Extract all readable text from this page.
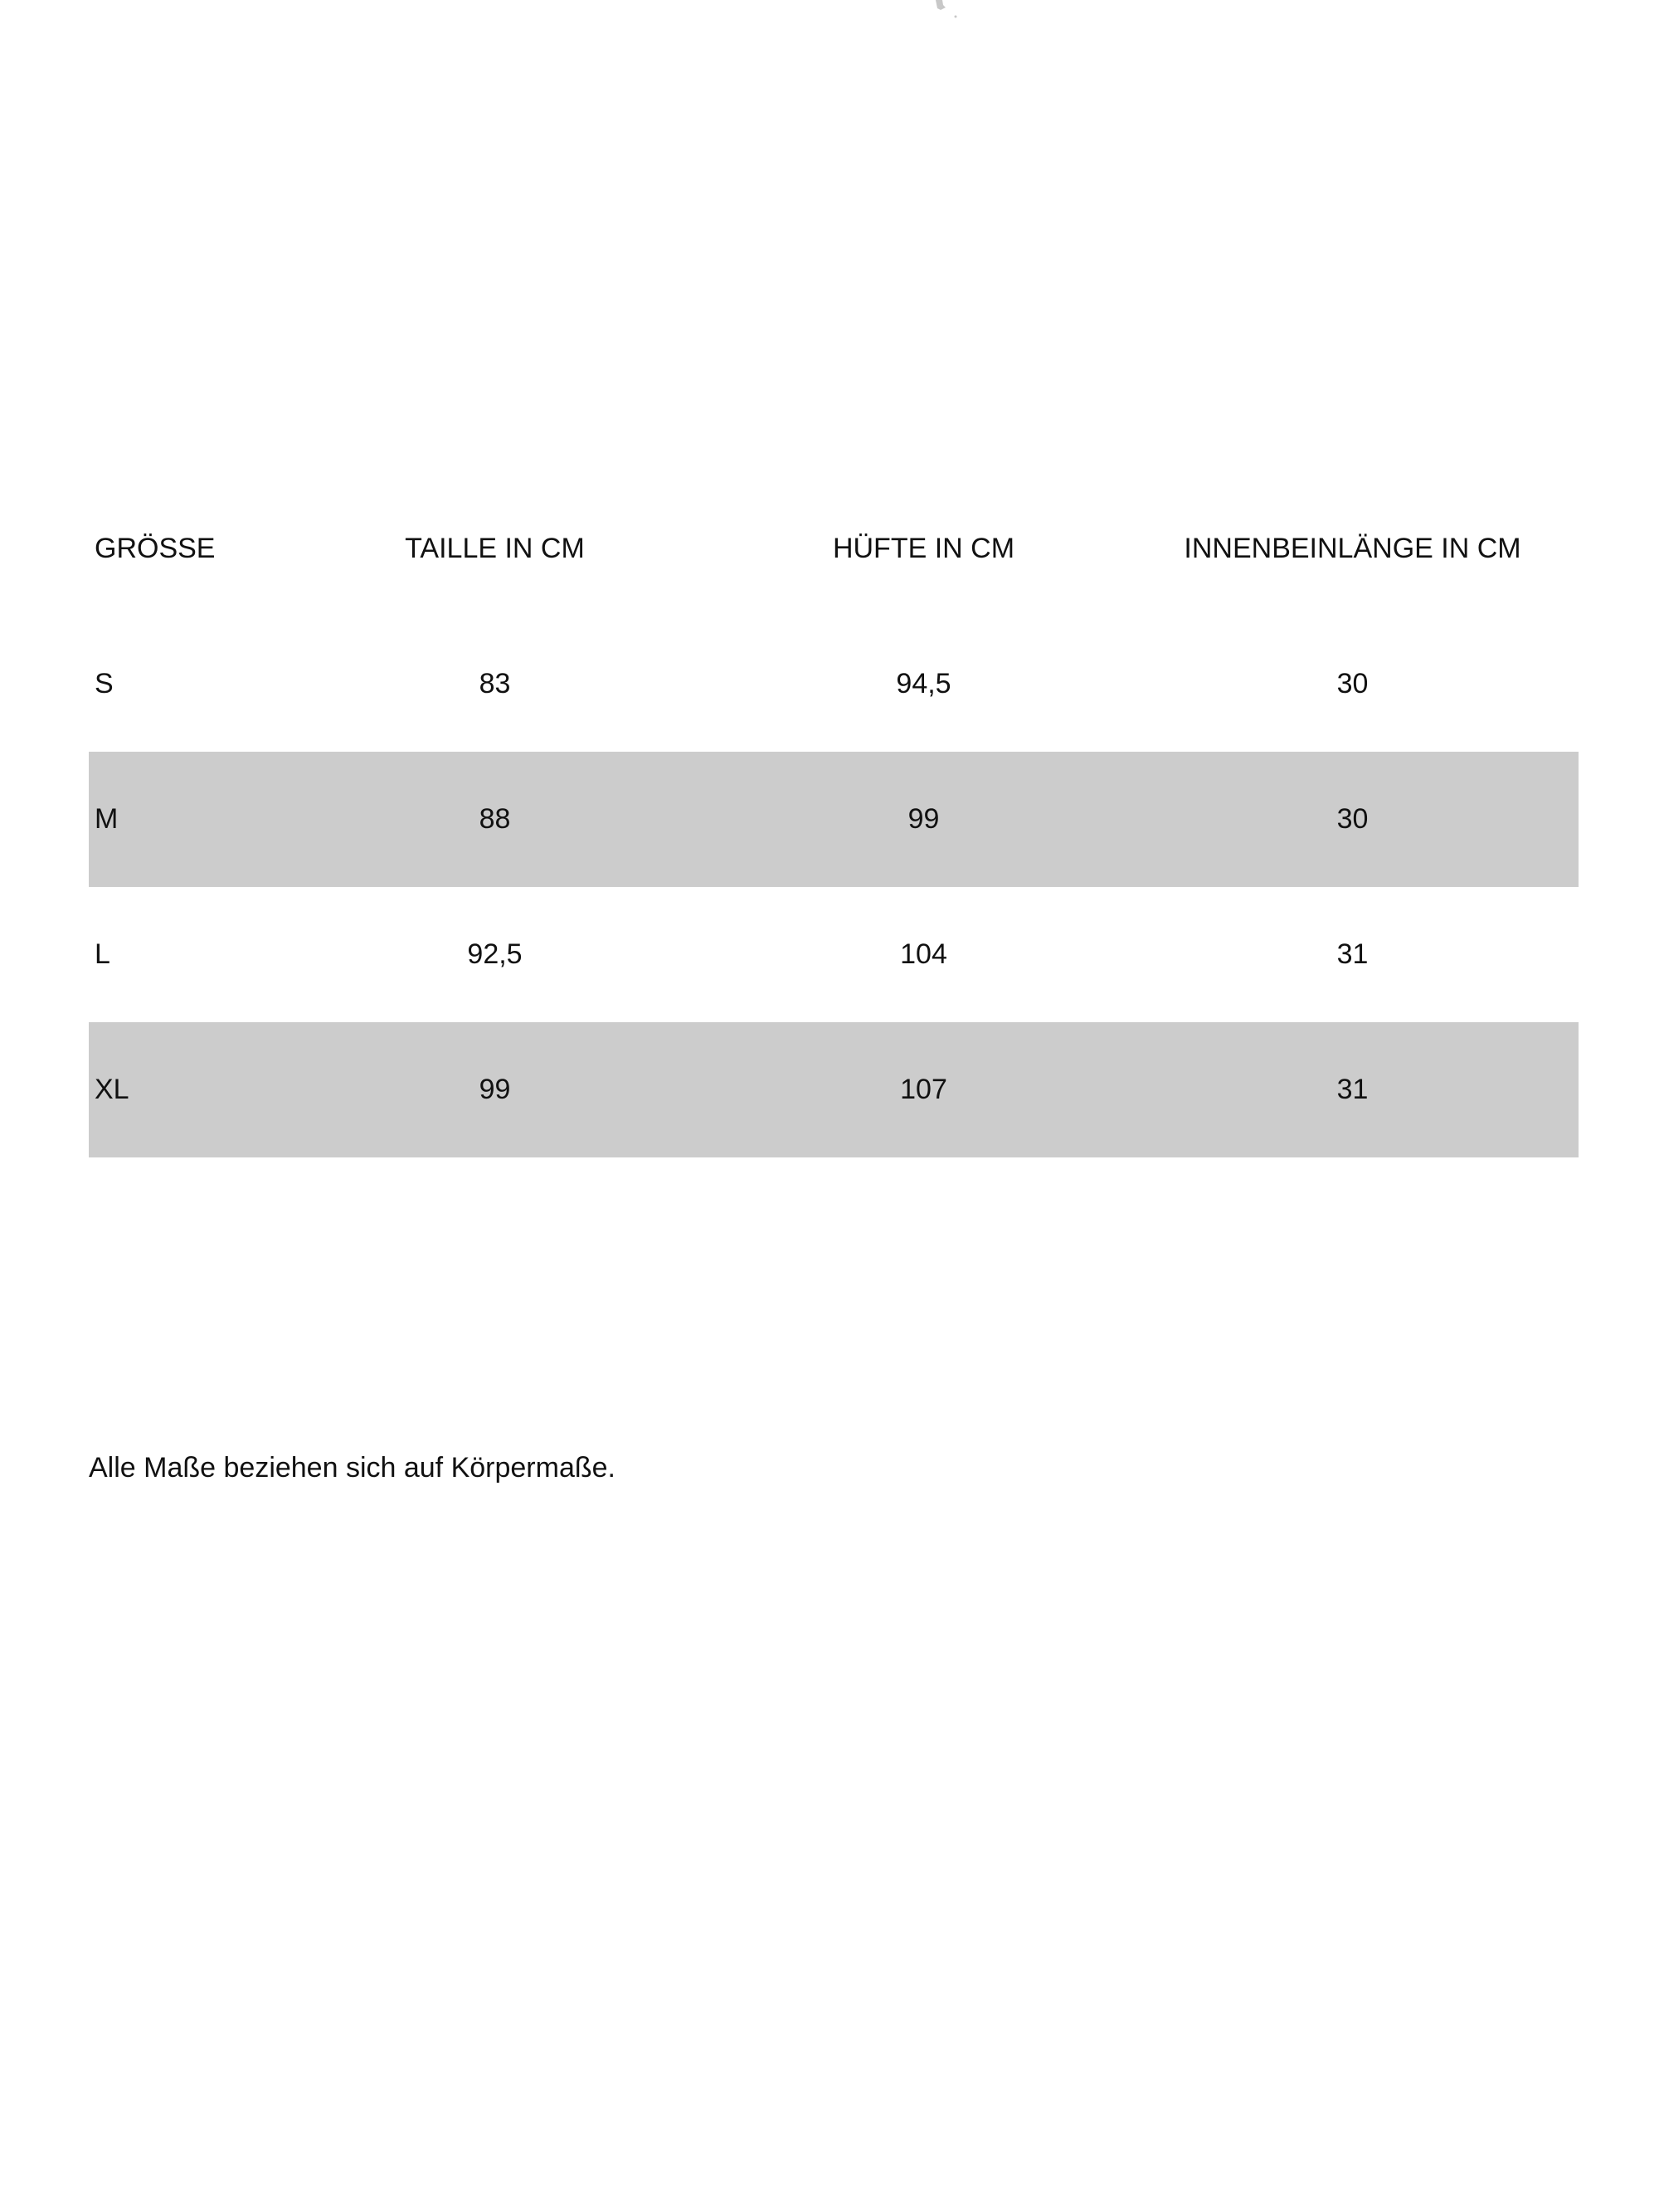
GRÖSSE	TAILLE IN CM	HÜFTE IN CM	INNENBEINLÄNGE IN CM
S	83	94,5	30
M	88	99	30
L	92,5	104	31
XL	99	107	31
Alle Maße beziehen sich auf Körpermaße.
